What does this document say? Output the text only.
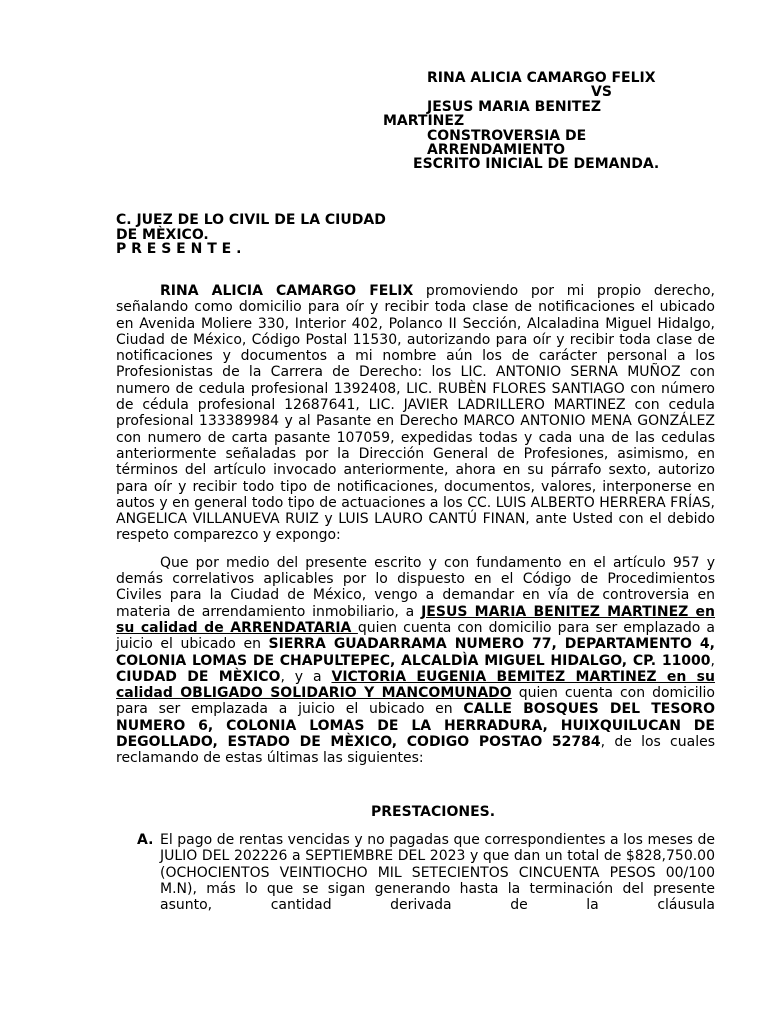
RINA ALICIA CAMARGO FELIX
VS
JESUS MARIA BENITEZ
MARTINEZ
CONSTROVERSIA DE
ARRENDAMIENTO
ESCRITO INICIAL DE DEMANDA.
C. JUEZ DE LO CIVIL DE LA CIUDAD
DE MÈXICO.
P R E S E N T E .

RINA ALICIA CAMARGO FELIX promoviendo por mi propio derecho, señalando como domicilio para oír y recibir toda clase de notificaciones el ubicado en Avenida Moliere 330, Interior 402, Polanco II Sección, Alcaladina Miguel Hidalgo, Ciudad de México, Código Postal 11530, autorizando para oír y recibir toda clase de notificaciones y documentos a mi nombre aún los de carácter personal a los Profesionistas de la Carrera de Derecho: los LIC. ANTONIO SERNA MUÑOZ con numero de cedula profesional 1392408, LIC. RUBÈN FLORES SANTIAGO con número de cédula profesional 12687641, LIC. JAVIER LADRILLERO MARTINEZ con cedula profesional 133389984 y al Pasante en Derecho MARCO ANTONIO MENA GONZÁLEZ con numero de carta pasante 107059, expedidas todas y cada una de las cedulas anteriormente señaladas por la Dirección General de Profesiones, asimismo, en términos del artículo invocado anteriormente, ahora en su párrafo sexto, autorizo para oír y recibir todo tipo de notificaciones, documentos, valores, interponerse en autos y en general todo tipo de actuaciones a los CC. LUIS ALBERTO HERRERA FRÍAS, ANGELICA VILLANUEVA RUIZ y LUIS LAURO CANTÚ FINAN, ante Usted con el debido respeto comparezco y expongo:

Que por medio del presente escrito y con fundamento en el artículo 957 y demás correlativos aplicables por lo dispuesto en el Código de Procedimientos Civiles para la Ciudad de México, vengo a demandar en vía de controversia en materia de arrendamiento inmobiliario, a JESUS MARIA BENITEZ MARTINEZ en su calidad de ARRENDATARIA quien cuenta con domicilio para ser emplazado a juicio el ubicado en SIERRA GUADARRAMA NUMERO 77, DEPARTAMENTO 4, COLONIA LOMAS DE CHAPULTEPEC, ALCALDÌA MIGUEL HIDALGO, CP. 11000, CIUDAD DE MÈXICO, y a VICTORIA EUGENIA BEMITEZ MARTINEZ en su calidad OBLIGADO SOLIDARIO Y MANCOMUNADO quien cuenta con domicilio para ser emplazada a juicio el ubicado en CALLE BOSQUES DEL TESORO NUMERO 6, COLONIA LOMAS DE LA HERRADURA, HUIXQUILUCAN DE DEGOLLADO, ESTADO DE MÈXICO, CODIGO POSTAO 52784, de los cuales reclamando de estas últimas las siguientes:

PRESTACIONES.
A. El pago de rentas vencidas y no pagadas que correspondientes a los meses de JULIO DEL 202226 a SEPTIEMBRE DEL 2023 y que dan un total de $828,750.00 (OCHOCIENTOS VEINTIOCHO MIL SETECIENTOS CINCUENTA PESOS 00/100 M.N), más lo que se sigan generando hasta la terminación del presente asunto, cantidad derivada de la cláusula
